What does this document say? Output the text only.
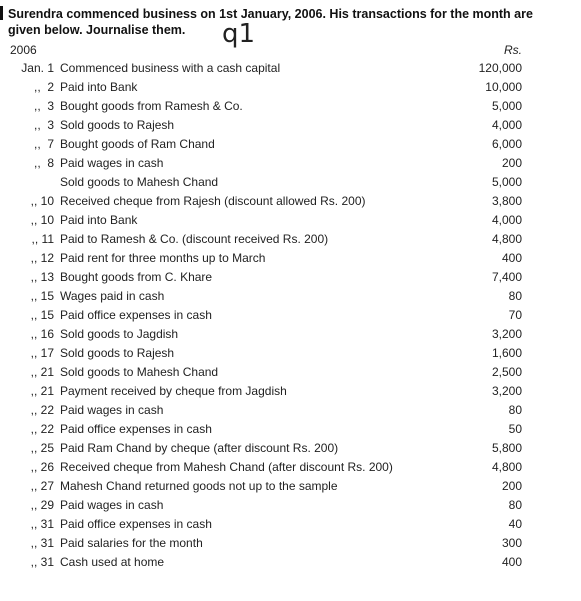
Surendra commenced business on 1st January, 2006. His transactions for the month are given below. Journalise them.	q1
2006	Rs.
Jan. 1 Commenced business with a cash capital	120,000
,,  2 Paid into Bank	10,000
,,  3 Bought goods from Ramesh & Co.	5,000
,,  3 Sold goods to Rajesh	4,000
,,  7 Bought goods of Ram Chand	6,000
,,  8 Paid wages in cash	200
Sold goods to Mahesh Chand	5,000
,, 10 Received cheque from Rajesh (discount allowed Rs. 200)	3,800
,, 10 Paid into Bank	4,000
,, 11 Paid to Ramesh & Co. (discount received Rs. 200)	4,800
,, 12 Paid rent for three months up to March	400
,, 13 Bought goods from C. Khare	7,400
,, 15 Wages paid in cash	80
,, 15 Paid office expenses in cash	70
,, 16 Sold goods to Jagdish	3,200
,, 17 Sold goods to Rajesh	1,600
,, 21 Sold goods to Mahesh Chand	2,500
,, 21 Payment received by cheque from Jagdish	3,200
,, 22 Paid wages in cash	80
,, 22 Paid office expenses in cash	50
,, 25 Paid Ram Chand by cheque (after discount Rs. 200)	5,800
,, 26 Received cheque from Mahesh Chand (after discount Rs. 200)	4,800
,, 27 Mahesh Chand returned goods not up to the sample	200
,, 29 Paid wages in cash	80
,, 31 Paid office expenses in cash	40
,, 31 Paid salaries for the month	300
,, 31 Cash used at home	400
